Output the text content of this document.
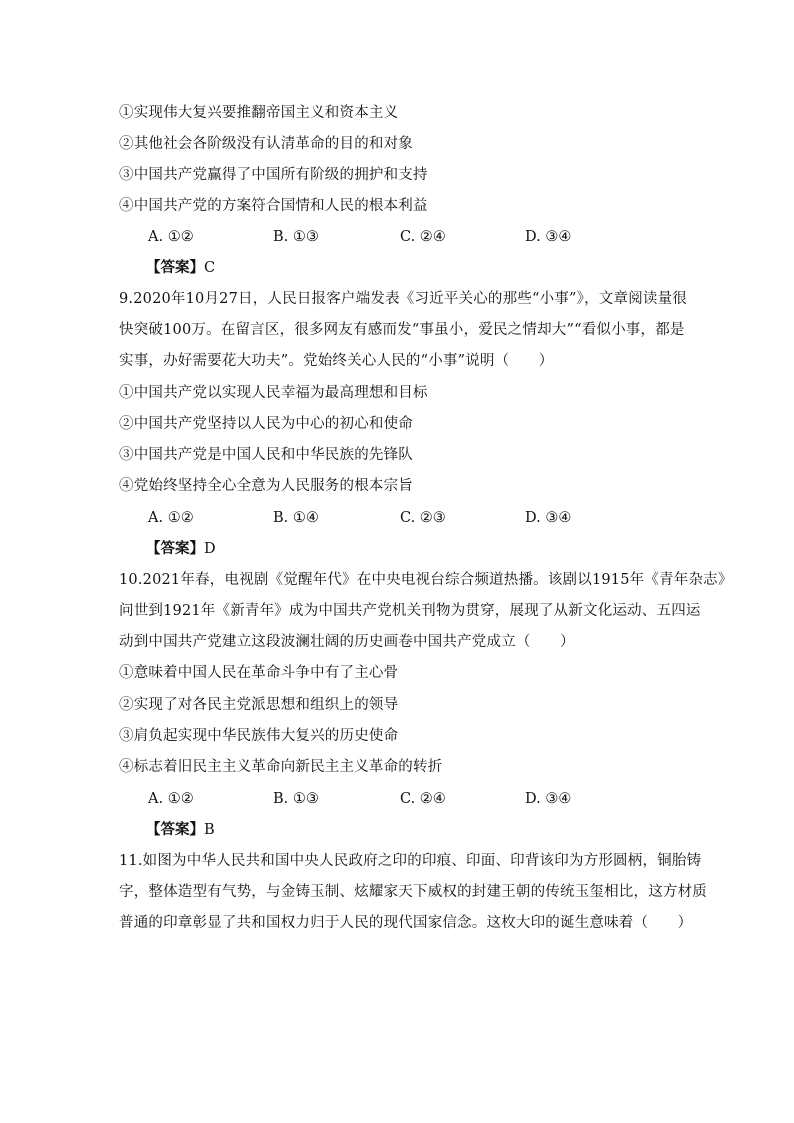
①实现伟大复兴要推翻帝国主义和资本主义
②其他社会各阶级没有认清革命的目的和对象
③中国共产党赢得了中国所有阶级的拥护和支持
④中国共产党的方案符合国情和人民的根本利益
A. ①②	B. ①③	C. ②④	D. ③④
【答案】C
9.2020年10月27日，人民日报客户端发表《习近平关心的那些“小事”》，文章阅读量很
快突破100万。在留言区，很多网友有感而发“事虽小，爱民之情却大”“看似小事，都是
实事，办好需要花大功夫”。党始终关心人民的“小事”说明（　　）
①中国共产党以实现人民幸福为最高理想和目标
②中国共产党坚持以人民为中心的初心和使命
③中国共产党是中国人民和中华民族的先锋队
④党始终坚持全心全意为人民服务的根本宗旨
A. ①②	B. ①④	C. ②③	D. ③④
【答案】D
10.2021年春，电视剧《觉醒年代》在中央电视台综合频道热播。该剧以1915年《青年杂志》
问世到1921年《新青年》成为中国共产党机关刊物为贯穿，展现了从新文化运动、五四运
动到中国共产党建立这段波澜壮阔的历史画卷中国共产党成立（　　）
①意味着中国人民在革命斗争中有了主心骨
②实现了对各民主党派思想和组织上的领导
③肩负起实现中华民族伟大复兴的历史使命
④标志着旧民主主义革命向新民主主义革命的转折
A. ①②	B. ①③	C. ②④	D. ③④
【答案】B
11.如图为中华人民共和国中央人民政府之印的印痕、印面、印背该印为方形圆柄，铜胎铸
字，整体造型有气势，与金铸玉制、炫耀家天下威权的封建王朝的传统玉玺相比，这方材质
普通的印章彰显了共和国权力归于人民的现代国家信念。这枚大印的诞生意味着（　　）
